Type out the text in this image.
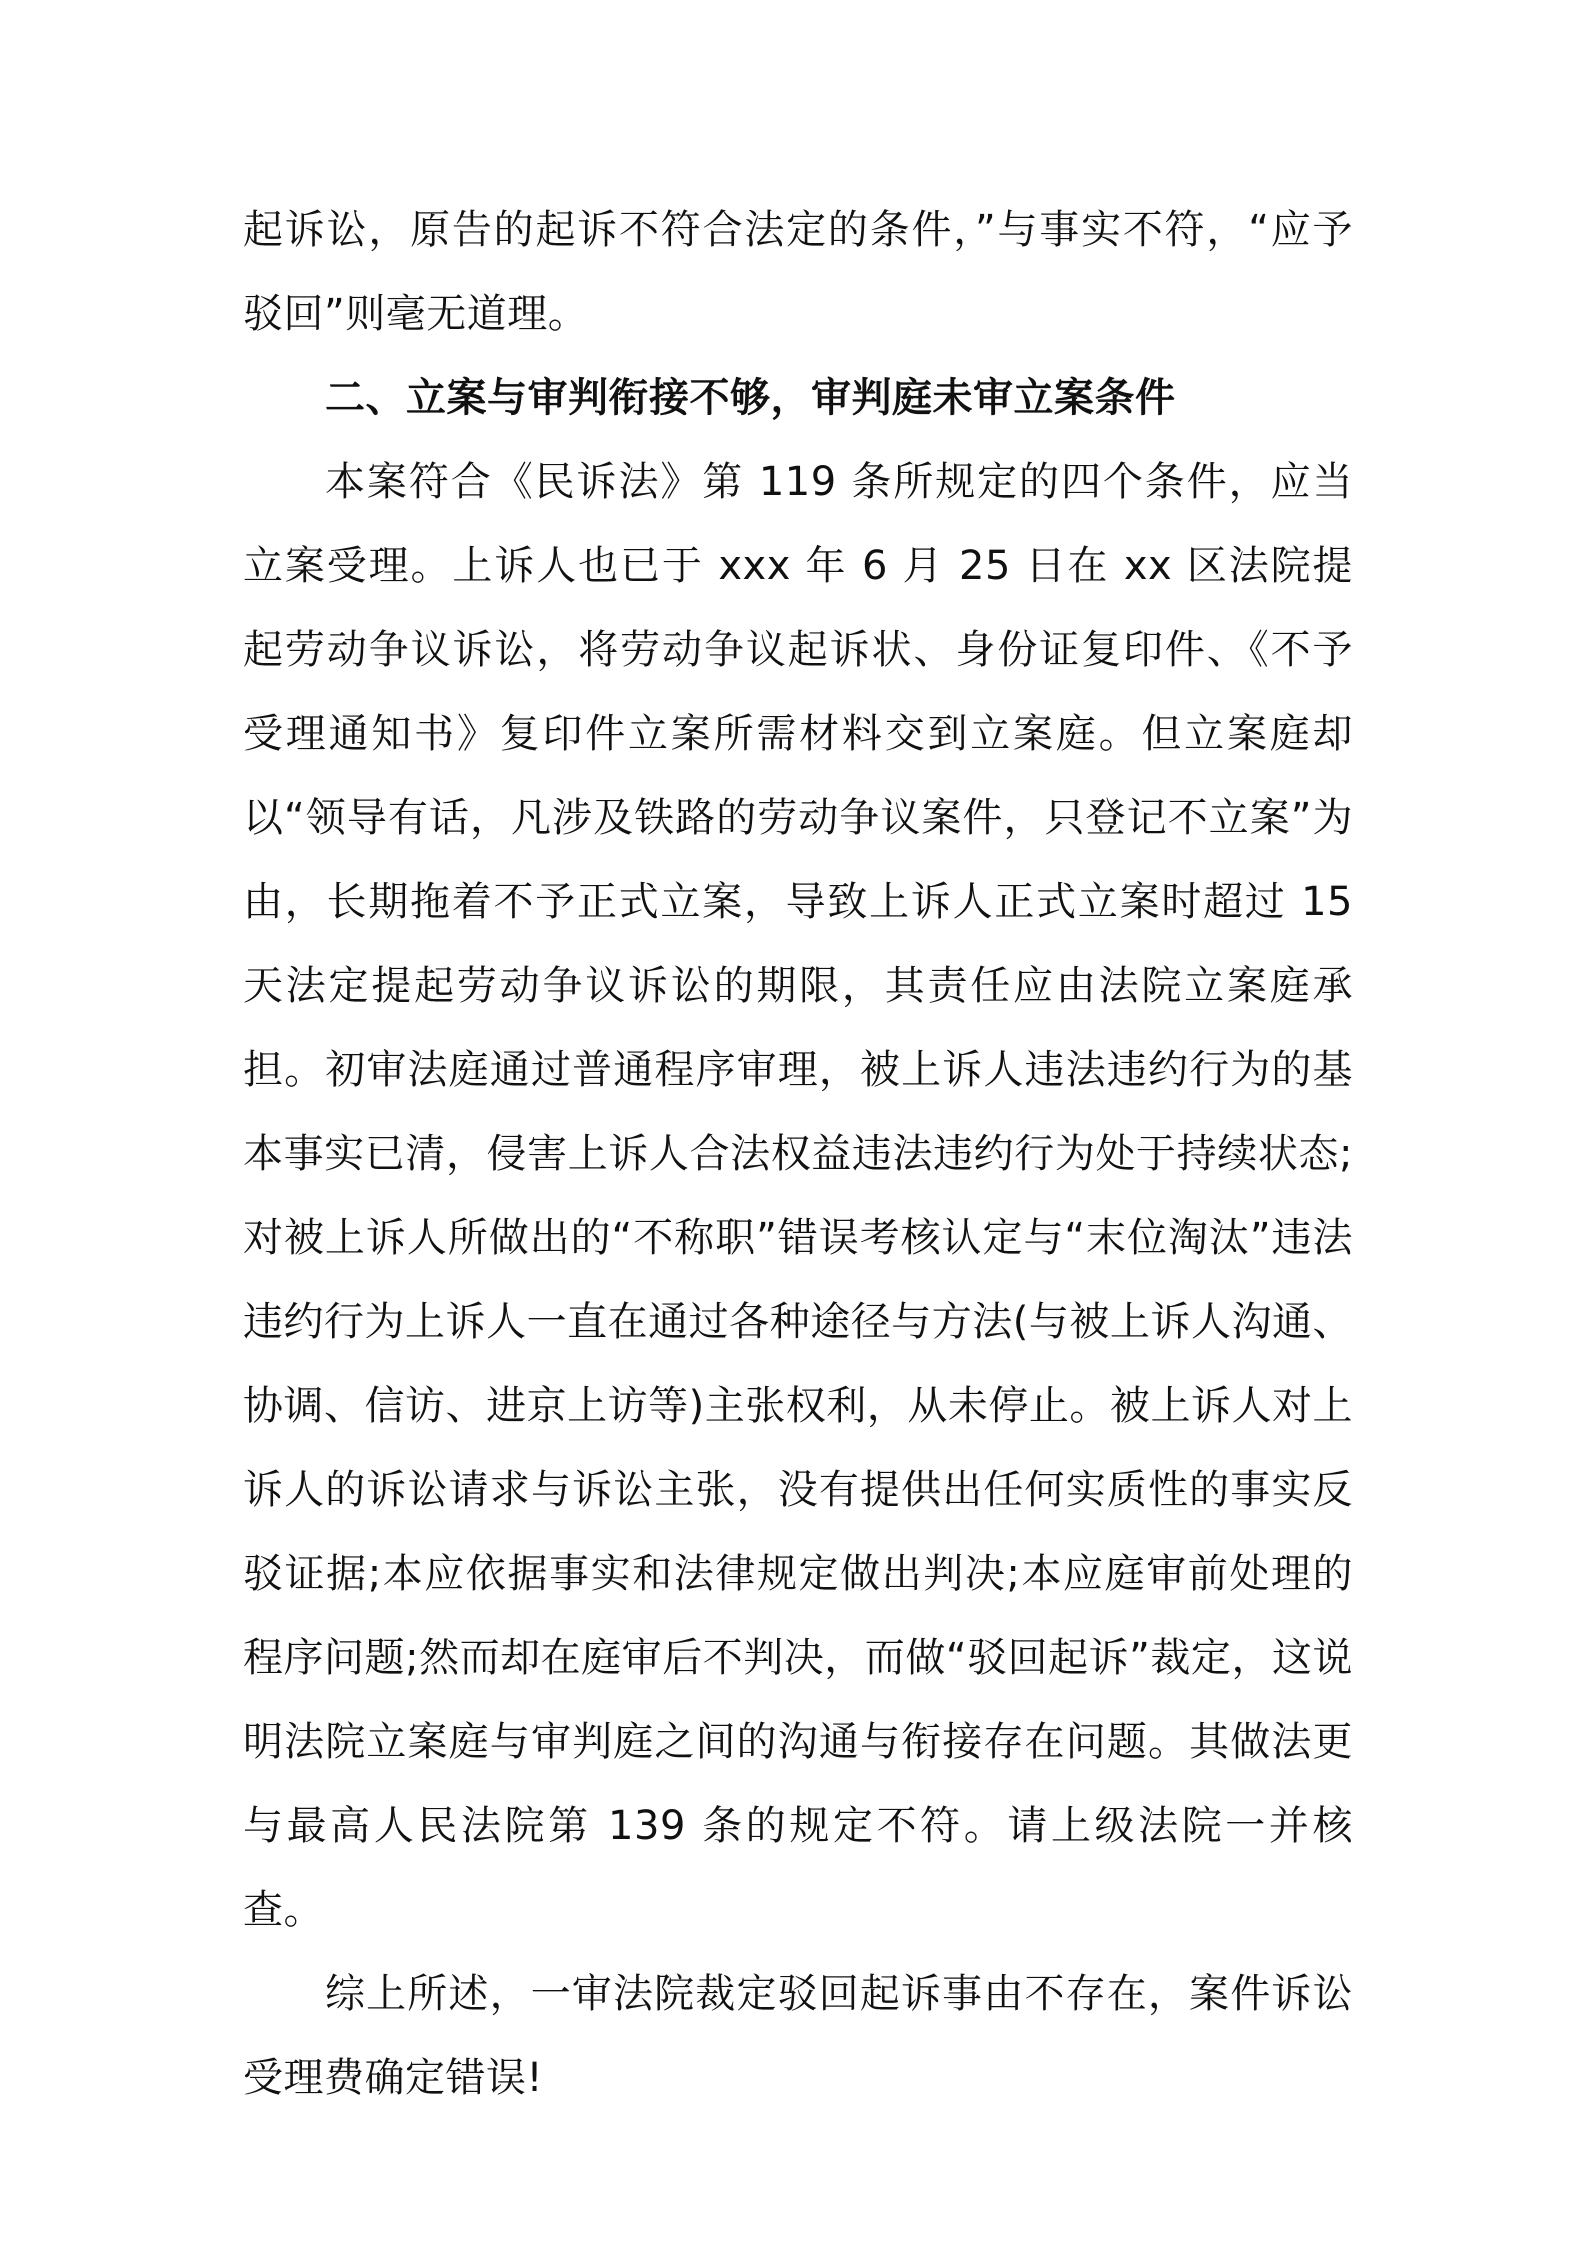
起诉讼，原告的起诉不符合法定的条件，”与事实不符，“应予驳回”则毫无道理。

二、立案与审判衔接不够，审判庭未审立案条件

本案符合《民诉法》第 119 条所规定的四个条件，应当立案受理。上诉人也已于 xxx 年 6 月 25 日在 xx 区法院提起劳动争议诉讼，将劳动争议起诉状、身份证复印件、《不予受理通知书》复印件立案所需材料交到立案庭。但立案庭却以“领导有话，凡涉及铁路的劳动争议案件，只登记不立案”为由，长期拖着不予正式立案，导致上诉人正式立案时超过 15 天法定提起劳动争议诉讼的期限，其责任应由法院立案庭承担。初审法庭通过普通程序审理，被上诉人违法违约行为的基本事实已清，侵害上诉人合法权益违法违约行为处于持续状态;对被上诉人所做出的“不称职”错误考核认定与“末位淘汰”违法违约行为上诉人一直在通过各种途径与方法(与被上诉人沟通、协调、信访、进京上访等)主张权利，从未停止。被上诉人对上诉人的诉讼请求与诉讼主张，没有提供出任何实质性的事实反驳证据;本应依据事实和法律规定做出判决;本应庭审前处理的程序问题;然而却在庭审后不判决，而做“驳回起诉”裁定，这说明法院立案庭与审判庭之间的沟通与衔接存在问题。其做法更与最高人民法院第 139 条的规定不符。请上级法院一并核查。

综上所述，一审法院裁定驳回起诉事由不存在，案件诉讼受理费确定错误!
